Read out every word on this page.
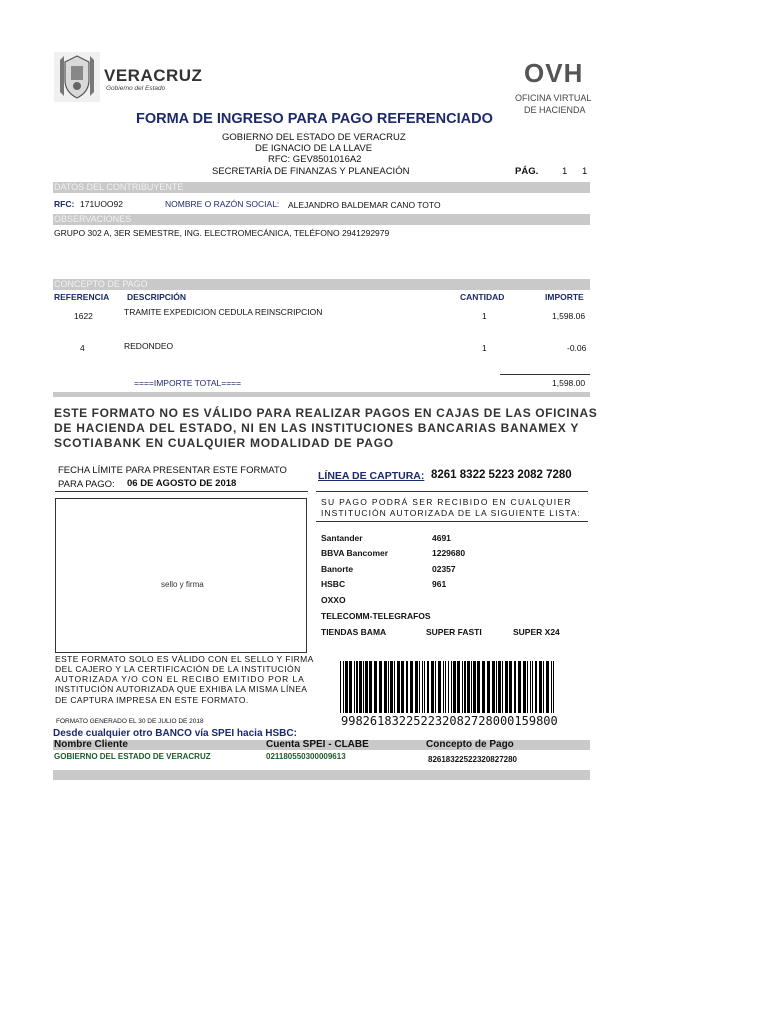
VERACRUZ
Gobierno del Estado
OVH
OFICINA VIRTUAL
DE HACIENDA
FORMA DE INGRESO PARA PAGO REFERENCIADO
GOBIERNO DEL ESTADO DE VERACRUZ
DE IGNACIO DE LA LLAVE
RFC: GEV8501016A2
SECRETARÍA DE FINANZAS Y PLANEACIÓN	PÁG.	1 1
DATOS DEL CONTRIBUYENTE
RFC: 171UOO92	NOMBRE O RAZÓN SOCIAL: ALEJANDRO BALDEMAR CANO TOTO
OBSERVACIONES
GRUPO 302 A, 3ER SEMESTRE, ING. ELECTROMECÁNICA, TELÉFONO 2941292979
CONCEPTO DE PAGO
REFERENCIA DESCRIPCIÓN	CANTIDAD	IMPORTE
1622	TRAMITE EXPEDICION CEDULA REINSCRIPCION	1	1,598.06
4	REDONDEO	1	-0.06
====IMPORTE TOTAL====	1,598.00
ESTE FORMATO NO ES VÁLIDO PARA REALIZAR PAGOS EN CAJAS DE LAS OFICINAS
DE HACIENDA DEL ESTADO, NI EN LAS INSTITUCIONES BANCARIAS BANAMEX Y
SCOTIABANK EN CUALQUIER MODALIDAD DE PAGO
FECHA LÍMITE PARA PRESENTAR ESTE FORMATO
PARA PAGO: 06 DE AGOSTO DE 2018
LÍNEA DE CAPTURA: 8261 8322 5223 2082 7280
sello y firma
SU PAGO PODRÁ SER RECIBIDO EN CUALQUIER
INSTITUCIÓN AUTORIZADA DE LA SIGUIENTE LISTA:
Santander	4691
BBVA Bancomer	1229680
Banorte	02357
HSBC	961
OXXO
TELECOMM-TELEGRAFOS
TIENDAS BAMA	SUPER FASTI	SUPER X24
ESTE FORMATO SOLO ES VÁLIDO CON EL SELLO Y FIRMA
DEL CAJERO Y LA CERTIFICACIÓN DE LA INSTITUCIÓN
AUTORIZADA Y/O CON EL RECIBO EMITIDO POR LA
INSTITUCIÓN AUTORIZADA QUE EXHIBA LA MISMA LÍNEA
DE CAPTURA IMPRESA EN ESTE FORMATO.
998261832252232082728000159800
FORMATO GENERADO EL 30 DE JULIO DE 2018
Desde cualquier otro BANCO vía SPEI hacia HSBC:
Nombre Cliente	Cuenta SPEI - CLABE	Concepto de Pago
GOBIERNO DEL ESTADO DE VERACRUZ	021180550300009613	82618322522320827280
